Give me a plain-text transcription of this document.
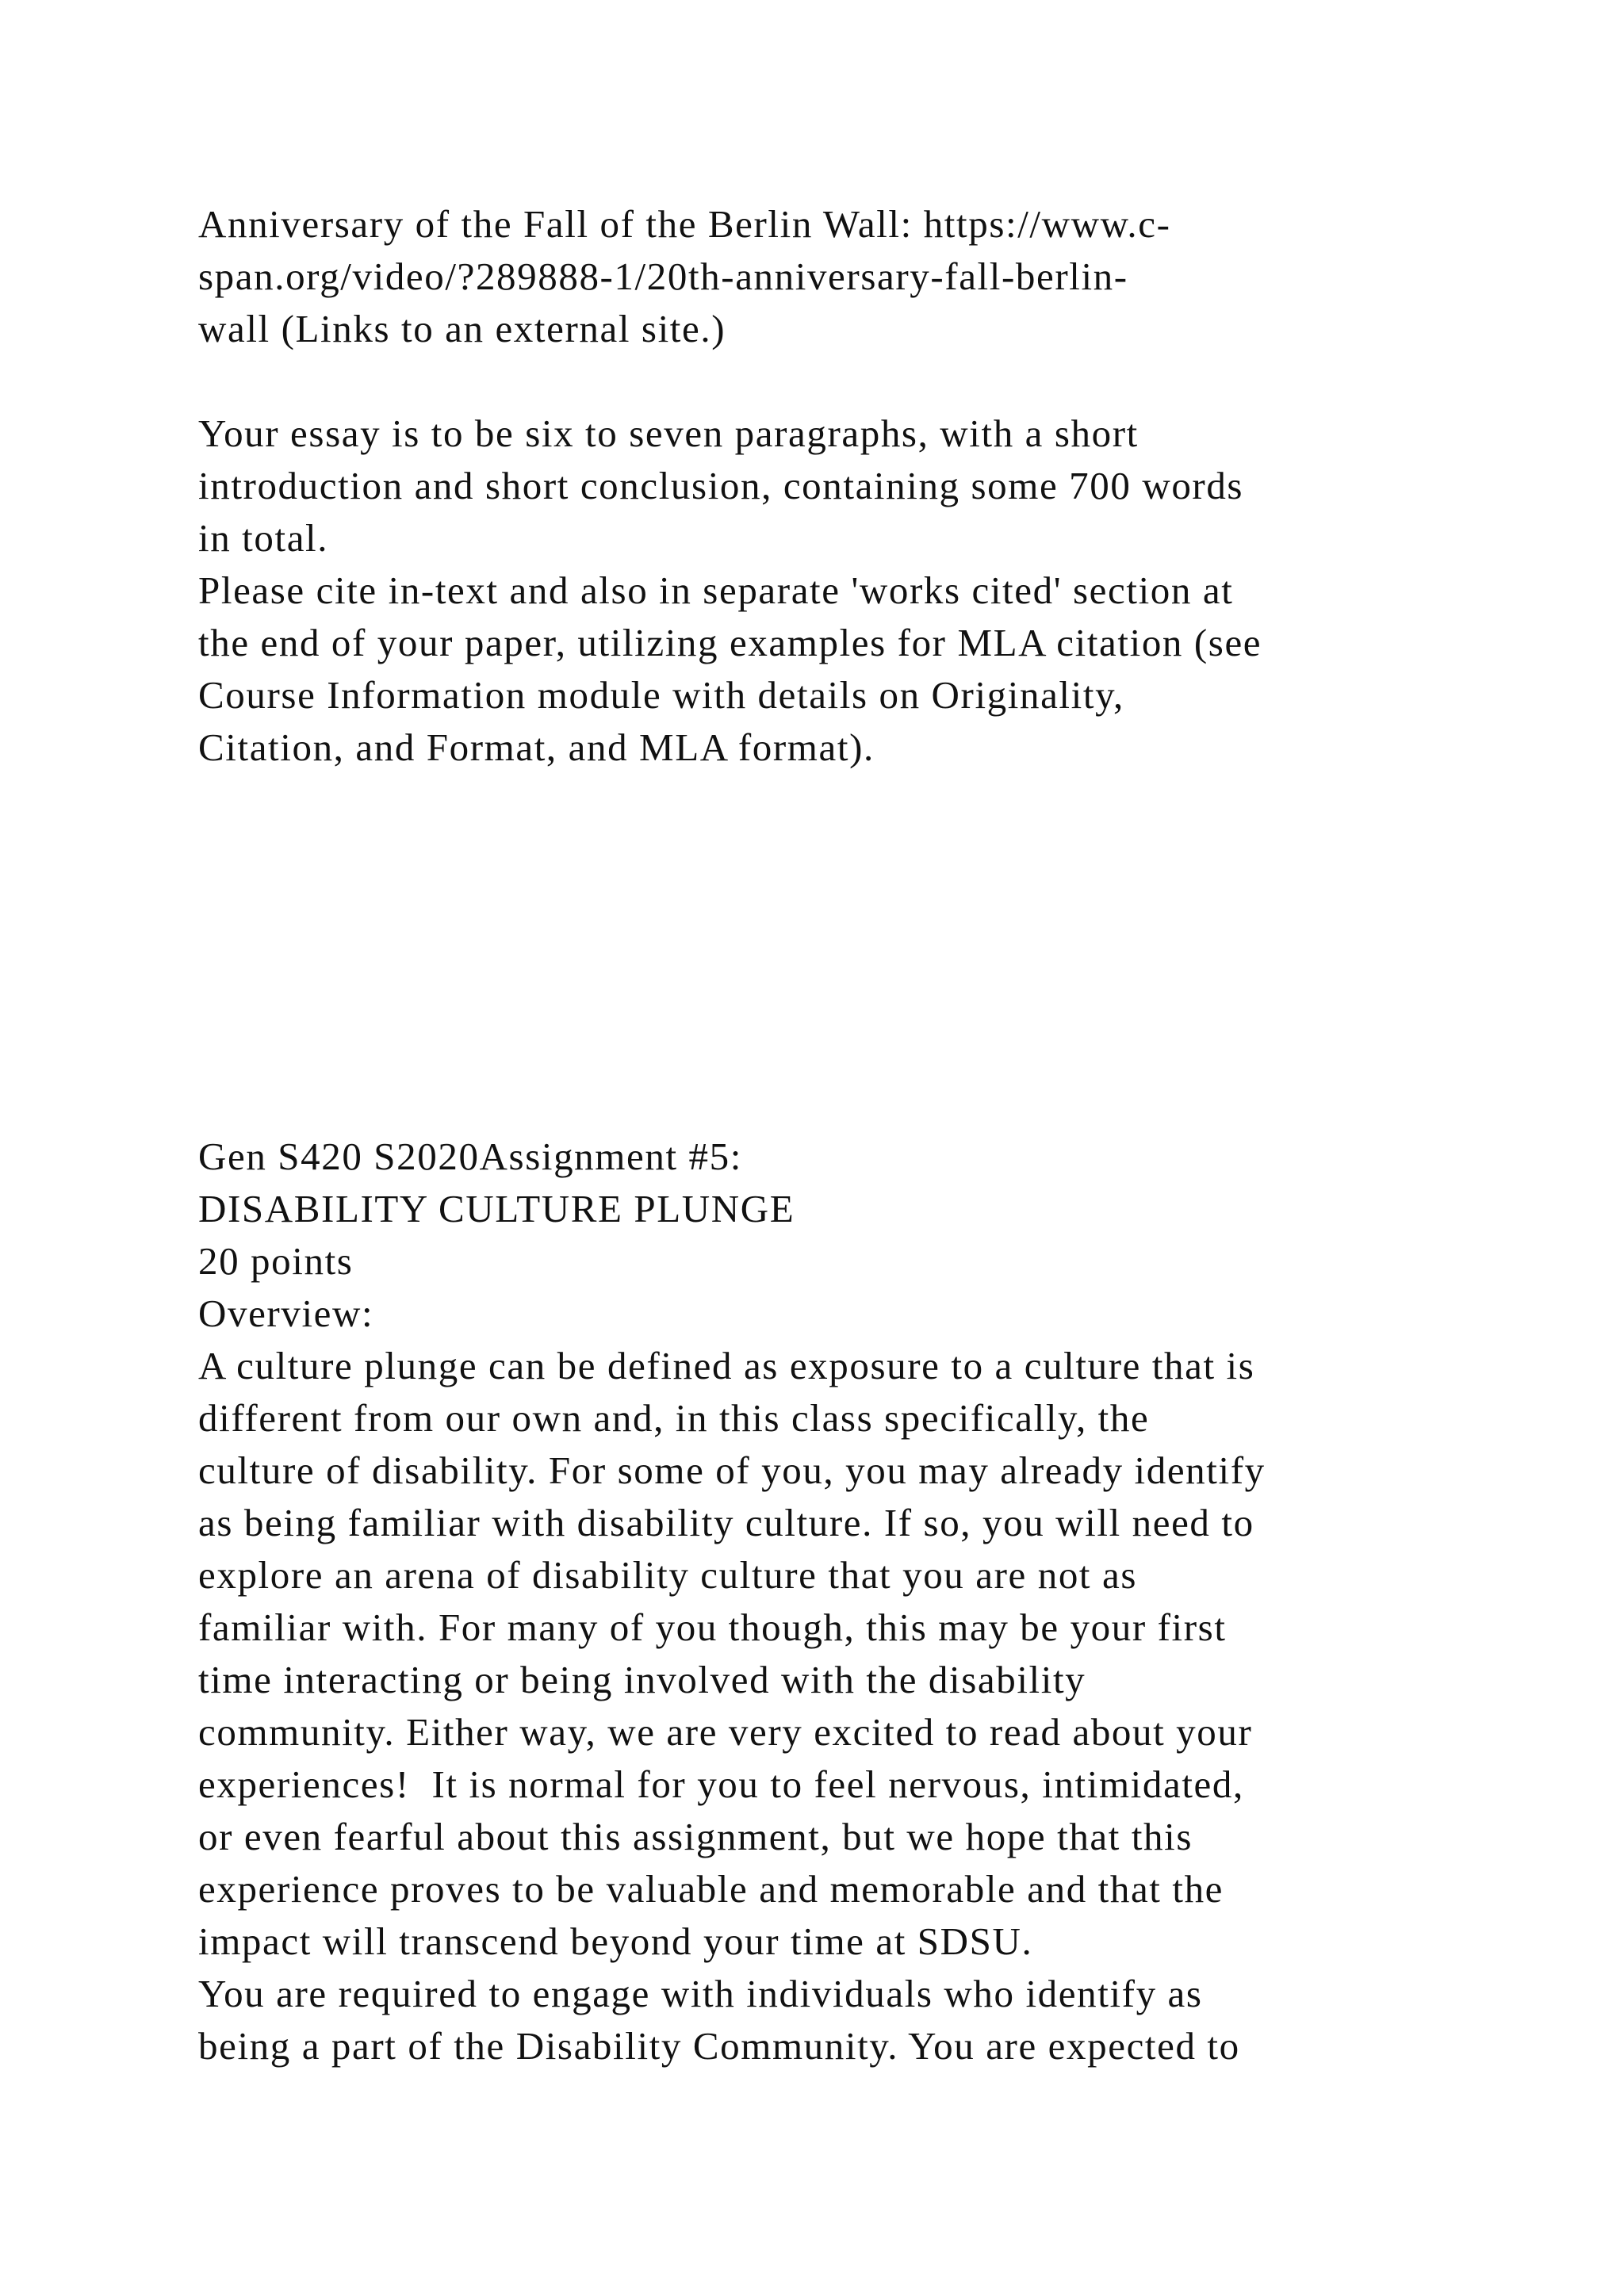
Anniversary of the Fall of the Berlin Wall: https://www.c-
span.org/video/?289888-1/20th-anniversary-fall-berlin-
wall (Links to an external site.)
Your essay is to be six to seven paragraphs, with a short
introduction and short conclusion, containing some 700 words
in total.
Please cite in-text and also in separate 'works cited' section at
the end of your paper, utilizing examples for MLA citation (see
Course Information module with details on Originality,
Citation, and Format, and MLA format).
Gen S420 S2020Assignment #5:
DISABILITY CULTURE PLUNGE
20 points
Overview:
A culture plunge can be defined as exposure to a culture that is
different from our own and, in this class specifically, the
culture of disability. For some of you, you may already identify
as being familiar with disability culture. If so, you will need to
explore an arena of disability culture that you are not as
familiar with. For many of you though, this may be your first
time interacting or being involved with the disability
community. Either way, we are very excited to read about your
experiences!  It is normal for you to feel nervous, intimidated,
or even fearful about this assignment, but we hope that this
experience proves to be valuable and memorable and that the
impact will transcend beyond your time at SDSU.
You are required to engage with individuals who identify as
being a part of the Disability Community. You are expected to
